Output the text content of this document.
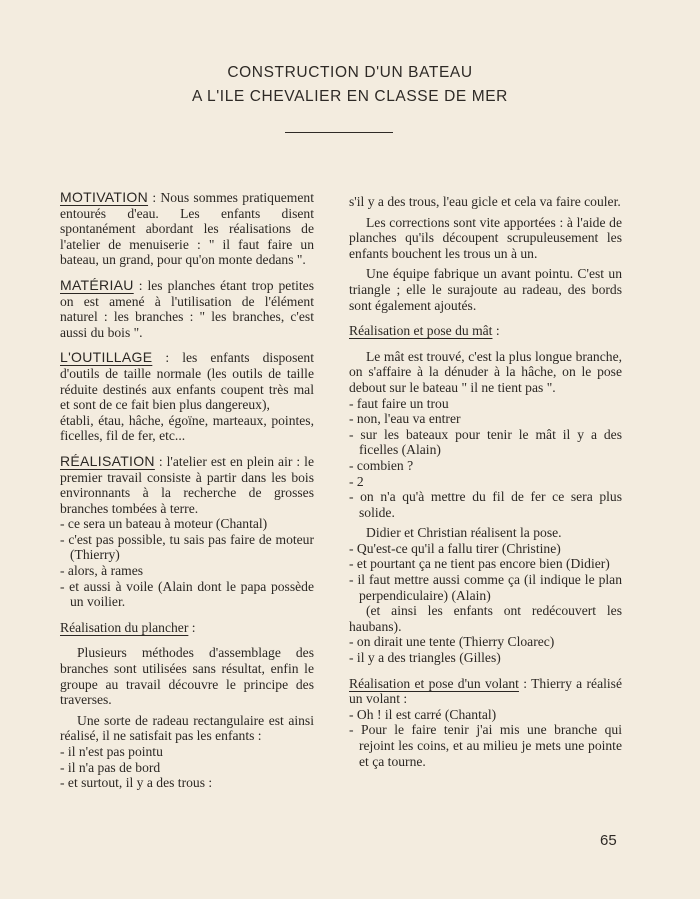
CONSTRUCTION D'UN BATEAU
A L'ILE CHEVALIER EN CLASSE DE MER

MOTIVATION : Nous sommes pratiquement entourés d'eau. Les enfants disent spontanément abordant les réalisations de l'atelier de menuiserie : " il faut faire un bateau, un grand, pour qu'on monte dedans ".

MATÉRIAU : les planches étant trop petites on est amené à l'utilisation de l'élément naturel : les branches : " les branches, c'est aussi du bois ".

L'OUTILLAGE : les enfants disposent d'outils de taille normale (les outils de taille réduite destinés aux enfants coupent très mal et sont de ce fait bien plus dangereux),

établi, étau, hâche, égoïne, marteaux, pointes, ficelles, fil de fer, etc...

RÉALISATION : l'atelier est en plein air : le premier travail consiste à partir dans les bois environnants à la recherche de grosses branches tombées à terre.

- ce sera un bateau à moteur (Chantal)

- c'est pas possible, tu sais pas faire de moteur (Thierry)

- alors, à rames

- et aussi à voile (Alain dont le papa possède un voilier.

Réalisation du plancher :

Plusieurs méthodes d'assemblage des branches sont utilisées sans résultat, enfin le groupe au travail découvre le principe des traverses.

Une sorte de radeau rectangulaire est ainsi réalisé, il ne satisfait pas les enfants :

- il n'est pas pointu

- il n'a pas de bord

- et surtout, il y a des trous :

s'il y a des trous, l'eau gicle et cela va faire couler.

Les corrections sont vite apportées : à l'aide de planches qu'ils découpent scrupuleusement les enfants bouchent les trous un à un.

Une équipe fabrique un avant pointu. C'est un triangle ; elle le surajoute au radeau, des bords sont également ajoutés.

Réalisation et pose du mât :

Le mât est trouvé, c'est la plus longue branche, on s'affaire à la dénuder à la hâche, on le pose debout sur le bateau " il ne tient pas ".

- faut faire un trou

- non, l'eau va entrer

- sur les bateaux pour tenir le mât il y a des ficelles (Alain)

- combien ?

- 2

- on n'a qu'à mettre du fil de fer ce sera plus solide.

Didier et Christian réalisent la pose.

- Qu'est-ce qu'il a fallu tirer (Christine)

- et pourtant ça ne tient pas encore bien (Didier)

- il faut mettre aussi comme ça (il indique le plan perpendiculaire) (Alain)

(et ainsi les enfants ont redécouvert les haubans).

- on dirait une tente (Thierry Cloarec)

- il y a des triangles (Gilles)

Réalisation et pose d'un volant : Thierry a réalisé un volant :

- Oh ! il est carré (Chantal)

- Pour le faire tenir j'ai mis une branche qui rejoint les coins, et au milieu je mets une pointe et ça tourne.

65
